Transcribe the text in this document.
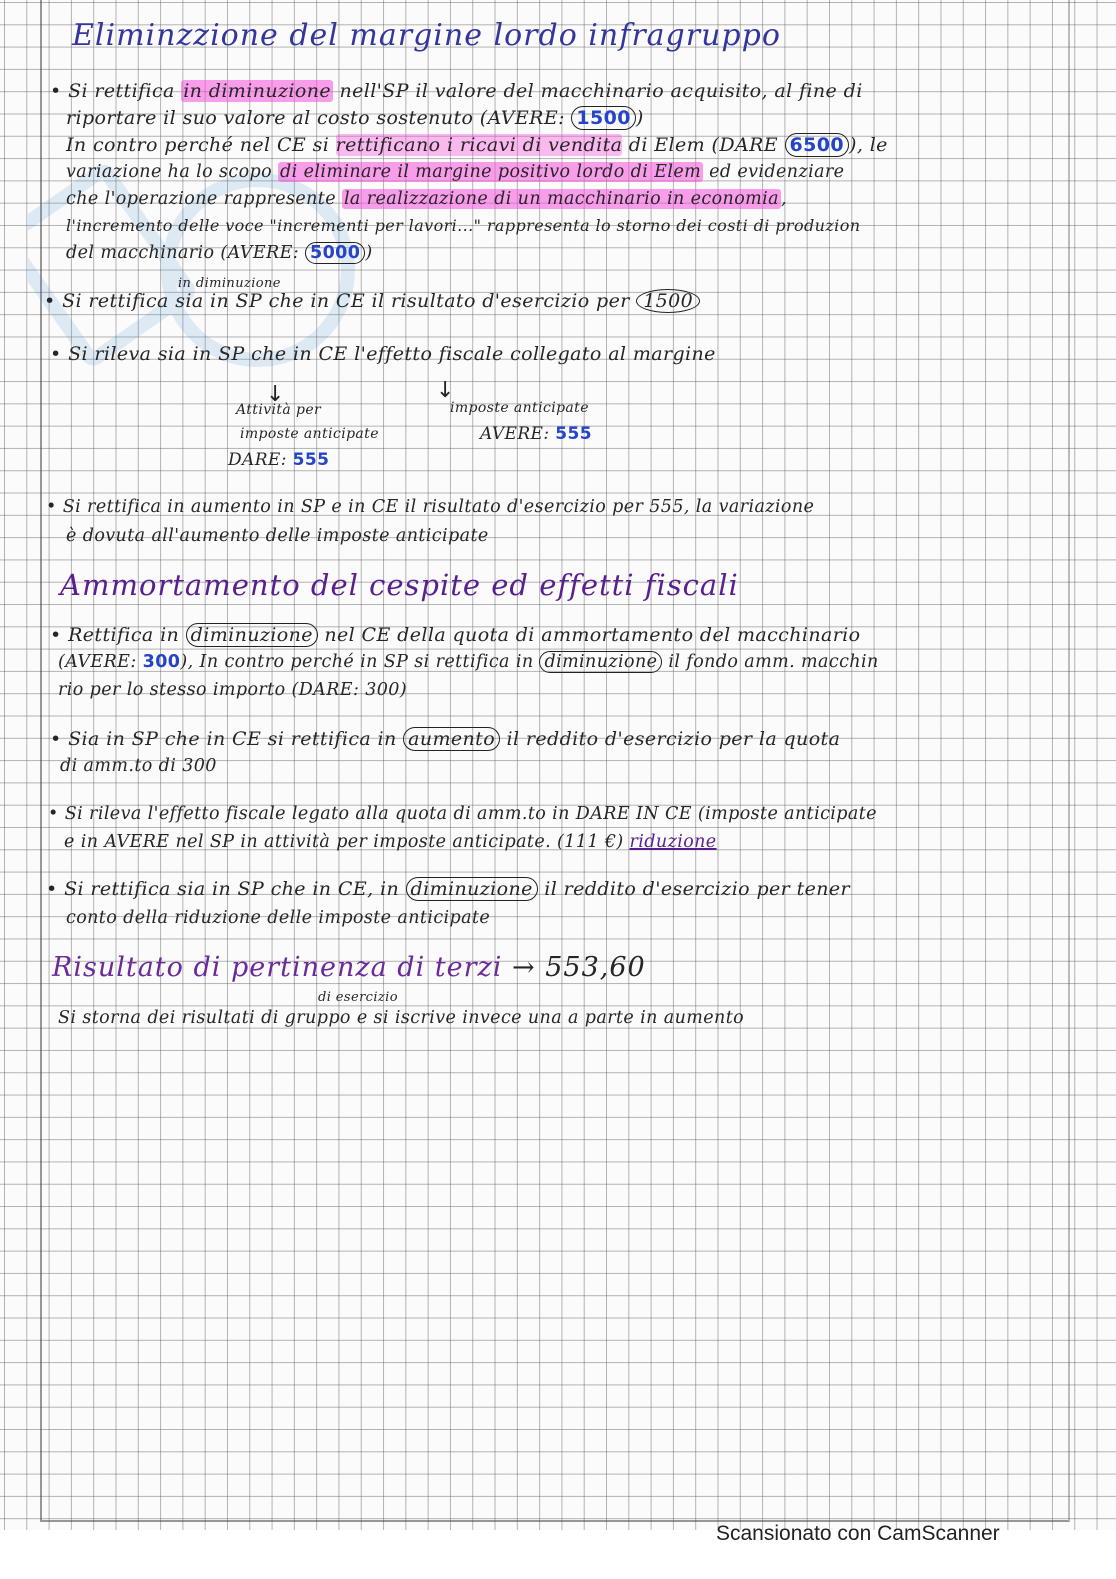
Eliminzzione del margine lordo infragruppo
• Si rettifica in diminuzione nell'SP il valore del macchinario acquisito, al fine di
riportare il suo valore al costo sostenuto (AVERE: 1500 )
In contro perché nel CE si rettificano i ricavi di vendita di Elem (DARE 6500 ), le
variazione ha lo scopo di eliminare il margine positivo lordo di Elem ed evidenziare
che l'operazione rappresente la realizzazione di un macchinario in economia ,
l'incremento delle voce "incrementi per lavori..." rappresenta lo storno dei costi di produzion
del macchinario (AVERE: 5000 )
in diminuzione
• Si rettifica sia in SP che in CE il risultato d'esercizio per 1500
• Si rileva sia in SP che in CE l'effetto fiscale collegato al margine
↓	↓
Attività per
imposte anticipate
DARE: 555
imposte anticipate
AVERE: 555
• Si rettifica in aumento in SP e in CE il risultato d'esercizio per 555, la variazione
è dovuta all'aumento delle imposte anticipate
Ammortamento del cespite ed effetti fiscali
• Rettifica in diminuzione nel CE della quota di ammortamento del macchinario
(AVERE: 300), In contro perché in SP si rettifica in diminuzione il fondo amm. macchin
rio per lo stesso importo (DARE: 300)
• Sia in SP che in CE si rettifica in aumento il reddito d'esercizio per la quota
di amm.to di 300
• Si rileva l'effetto fiscale legato alla quota di amm.to in DARE IN CE (imposte anticipate
e in AVERE nel SP in attività per imposte anticipate. (111 €) riduzione
• Si rettifica sia in SP che in CE, in diminuzione il reddito d'esercizio per tener
conto della riduzione delle imposte anticipate
Risultato di pertinenza di terzi → 553,60
di esercizio
Si storna dei risultati di gruppo e si iscrive invece una a parte in aumento
Scansionato con CamScanner
